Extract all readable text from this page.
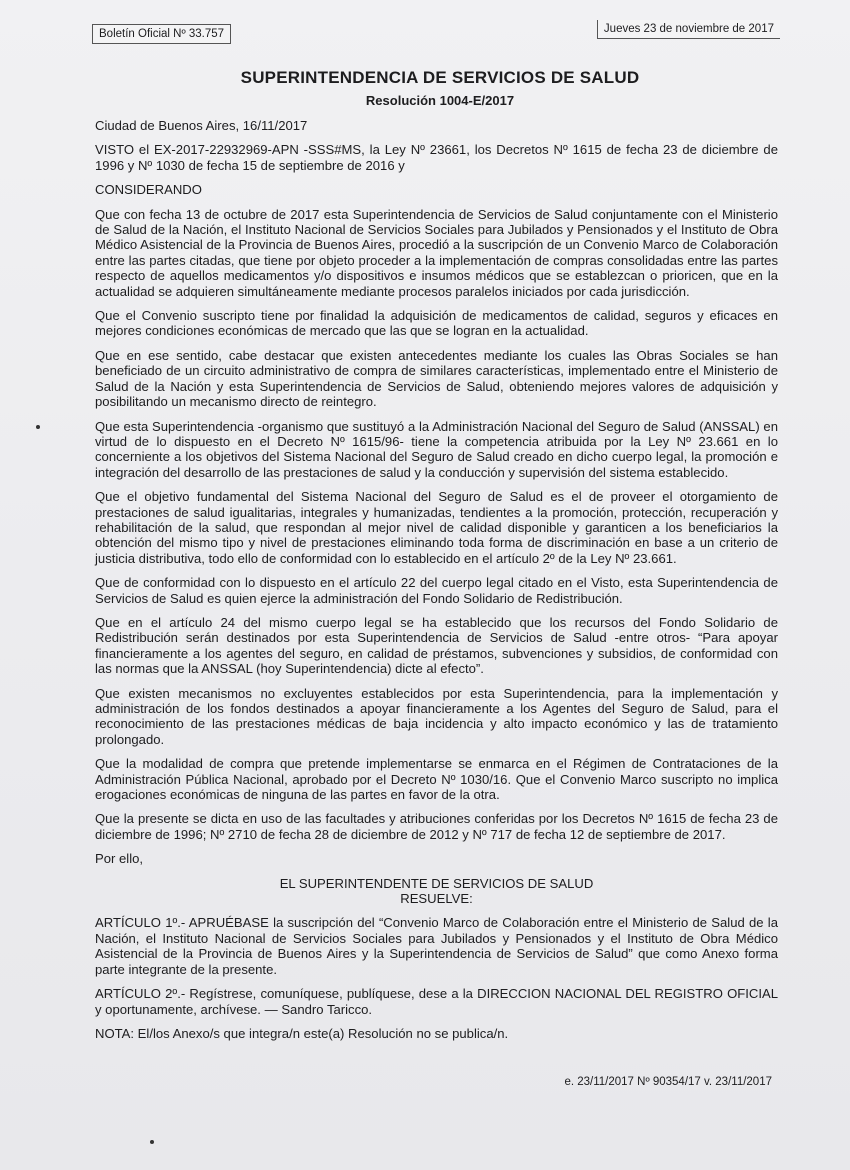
Boletín Oficial Nº 33.757	Jueves 23 de noviembre de 2017
SUPERINTENDENCIA DE SERVICIOS DE SALUD
Resolución 1004-E/2017

Ciudad de Buenos Aires, 16/11/2017

VISTO el EX-2017-22932969-APN -SSS#MS, la Ley Nº 23661, los Decretos Nº 1615 de fecha 23 de diciembre de 1996 y Nº 1030 de fecha 15 de septiembre de 2016 y

CONSIDERANDO

Que con fecha 13 de octubre de 2017 esta Superintendencia de Servicios de Salud conjuntamente con el Ministerio de Salud de la Nación, el Instituto Nacional de Servicios Sociales para Jubilados y Pensionados y el Instituto de Obra Médico Asistencial de la Provincia de Buenos Aires, procedió a la suscripción de un Convenio Marco de Colaboración entre las partes citadas, que tiene por objeto proceder a la implementación de compras consolidadas entre las partes respecto de aquellos medicamentos y/o dispositivos e insumos médicos que se establezcan o prioricen, que en la actualidad se adquieren simultáneamente mediante procesos paralelos iniciados por cada jurisdicción.

Que el Convenio suscripto tiene por finalidad la adquisición de medicamentos de calidad, seguros y eficaces en mejores condiciones económicas de mercado que las que se logran en la actualidad.

Que en ese sentido, cabe destacar que existen antecedentes mediante los cuales las Obras Sociales se han beneficiado de un circuito administrativo de compra de similares características, implementado entre el Ministerio de Salud de la Nación y esta Superintendencia de Servicios de Salud, obteniendo mejores valores de adquisición y posibilitando un mecanismo directo de reintegro.

Que esta Superintendencia -organismo que sustituyó a la Administración Nacional del Seguro de Salud (ANSSAL) en virtud de lo dispuesto en el Decreto Nº 1615/96- tiene la competencia atribuida por la Ley Nº 23.661 en lo concerniente a los objetivos del Sistema Nacional del Seguro de Salud creado en dicho cuerpo legal, la promoción e integración del desarrollo de las prestaciones de salud y la conducción y supervisión del sistema establecido.

Que el objetivo fundamental del Sistema Nacional del Seguro de Salud es el de proveer el otorgamiento de prestaciones de salud igualitarias, integrales y humanizadas, tendientes a la promoción, protección, recuperación y rehabilitación de la salud, que respondan al mejor nivel de calidad disponible y garanticen a los beneficiarios la obtención del mismo tipo y nivel de prestaciones eliminando toda forma de discriminación en base a un criterio de justicia distributiva, todo ello de conformidad con lo establecido en el artículo 2º de la Ley Nº 23.661.

Que de conformidad con lo dispuesto en el artículo 22 del cuerpo legal citado en el Visto, esta Superintendencia de Servicios de Salud es quien ejerce la administración del Fondo Solidario de Redistribución.

Que en el artículo 24 del mismo cuerpo legal se ha establecido que los recursos del Fondo Solidario de Redistribución serán destinados por esta Superintendencia de Servicios de Salud -entre otros- “Para apoyar financieramente a los agentes del seguro, en calidad de préstamos, subvenciones y subsidios, de conformidad con las normas que la ANSSAL (hoy Superintendencia) dicte al efecto”.

Que existen mecanismos no excluyentes establecidos por esta Superintendencia, para la implementación y administración de los fondos destinados a apoyar financieramente a los Agentes del Seguro de Salud, para el reconocimiento de las prestaciones médicas de baja incidencia y alto impacto económico y las de tratamiento prolongado.

Que la modalidad de compra que pretende implementarse se enmarca en el Régimen de Contrataciones de la Administración Pública Nacional, aprobado por el Decreto Nº 1030/16. Que el Convenio Marco suscripto no implica erogaciones económicas de ninguna de las partes en favor de la otra.

Que la presente se dicta en uso de las facultades y atribuciones conferidas por los Decretos Nº 1615 de fecha 23 de diciembre de 1996; Nº 2710 de fecha 28 de diciembre de 2012 y Nº 717 de fecha 12 de septiembre de 2017.

Por ello,

EL SUPERINTENDENTE DE SERVICIOS DE SALUD

RESUELVE:

ARTÍCULO 1º.- APRUÉBASE la suscripción del “Convenio Marco de Colaboración entre el Ministerio de Salud de la Nación, el Instituto Nacional de Servicios Sociales para Jubilados y Pensionados y el Instituto de Obra Médico Asistencial de la Provincia de Buenos Aires y la Superintendencia de Servicios de Salud” que como Anexo forma parte integrante de la presente.

ARTÍCULO 2º.- Regístrese, comuníquese, publíquese, dese a la DIRECCION NACIONAL DEL REGISTRO OFICIAL y oportunamente, archívese. — Sandro Taricco.

NOTA: El/los Anexo/s que integra/n este(a) Resolución no se publica/n.

e. 23/11/2017 Nº 90354/17 v. 23/11/2017
